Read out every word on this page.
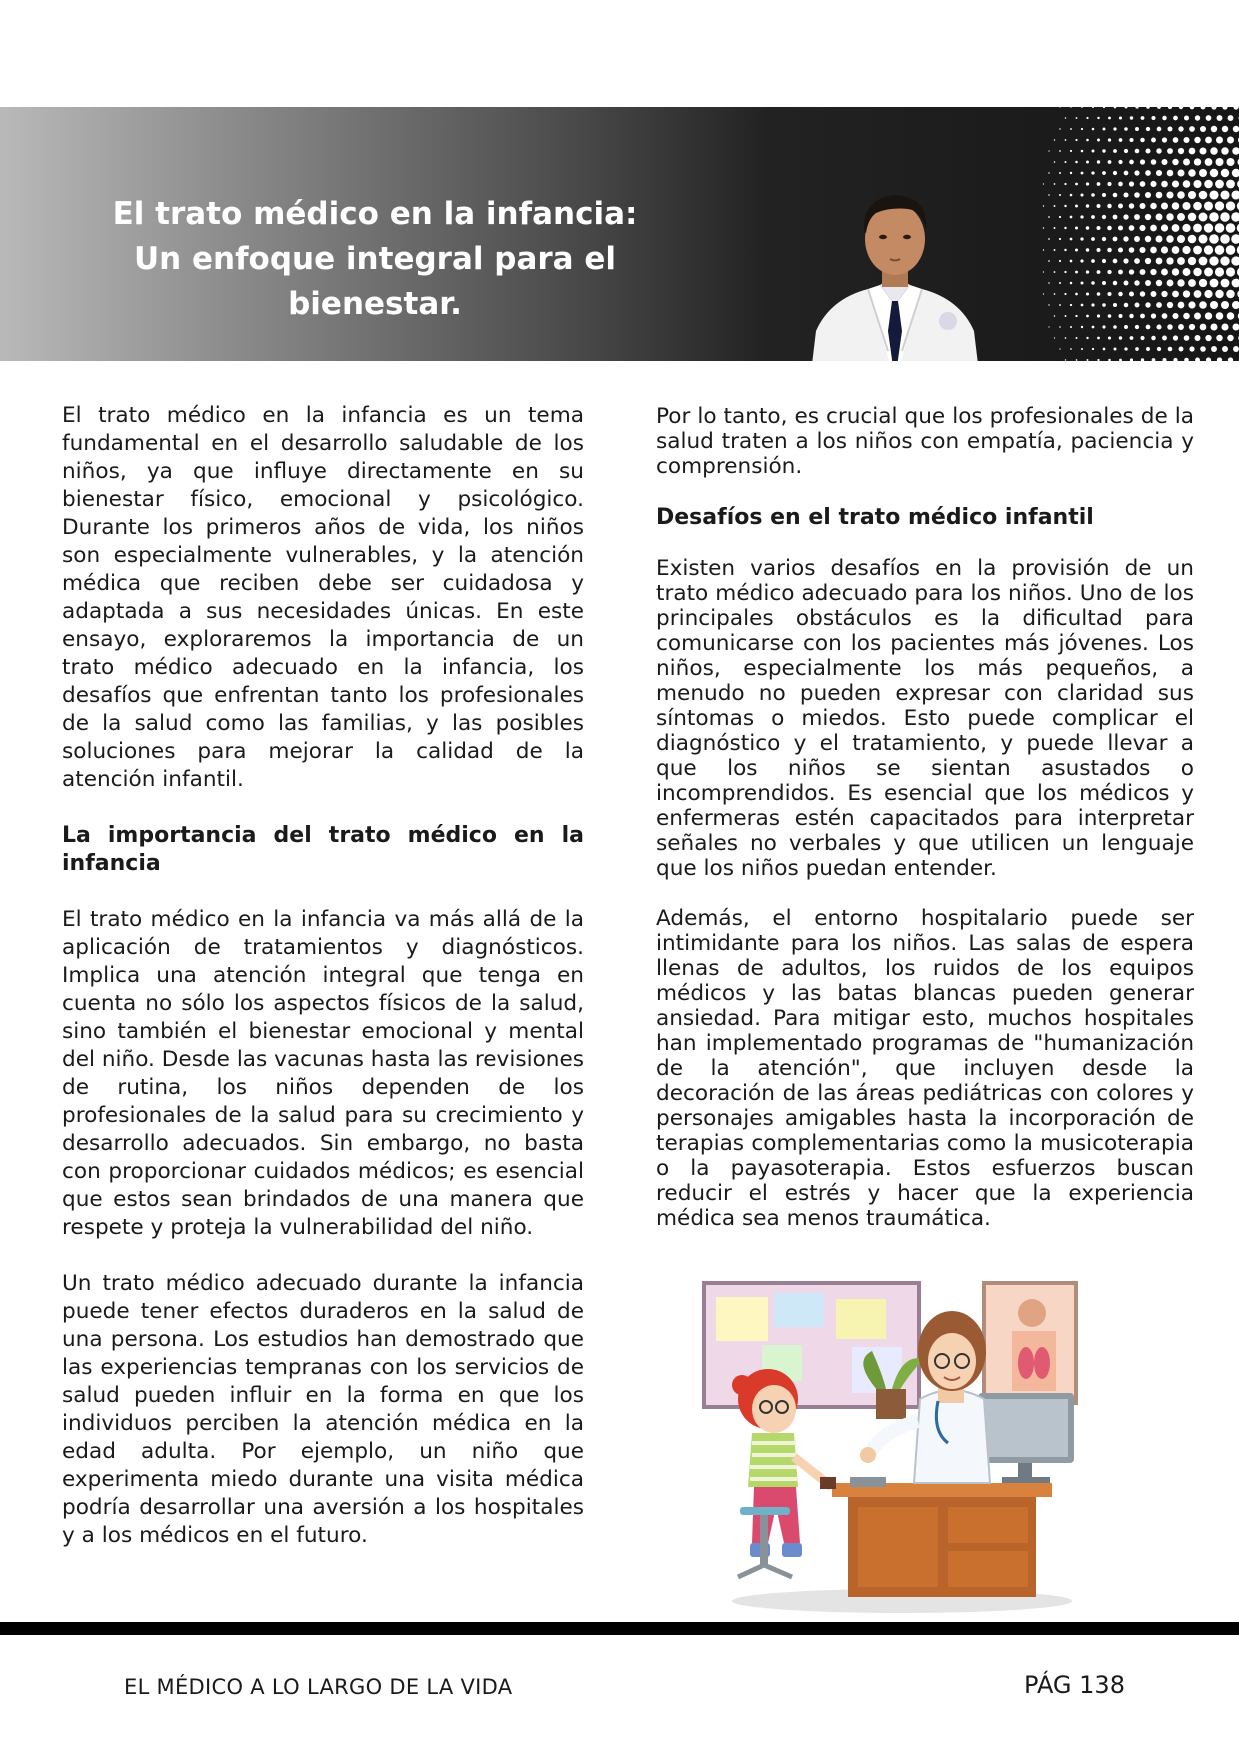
El trato médico en la infancia: Un enfoque integral para el bienestar.

El trato médico en la infancia es un tema fundamental en el desarrollo saludable de los niños, ya que influye directamente en su bienestar físico, emocional y psicológico. Durante los primeros años de vida, los niños son especialmente vulnerables, y la atención médica que reciben debe ser cuidadosa y adaptada a sus necesidades únicas. En este ensayo, exploraremos la importancia de un trato médico adecuado en la infancia, los desafíos que enfrentan tanto los profesionales de la salud como las familias, y las posibles soluciones para mejorar la calidad de la atención infantil.

La importancia del trato médico en la infancia

El trato médico en la infancia va más allá de la aplicación de tratamientos y diagnósticos. Implica una atención integral que tenga en cuenta no sólo los aspectos físicos de la salud, sino también el bienestar emocional y mental del niño. Desde las vacunas hasta las revisiones de rutina, los niños dependen de los profesionales de la salud para su crecimiento y desarrollo adecuados. Sin embargo, no basta con proporcionar cuidados médicos; es esencial que estos sean brindados de una manera que respete y proteja la vulnerabilidad del niño.

Un trato médico adecuado durante la infancia puede tener efectos duraderos en la salud de una persona. Los estudios han demostrado que las experiencias tempranas con los servicios de salud pueden influir en la forma en que los individuos perciben la atención médica en la edad adulta. Por ejemplo, un niño que experimenta miedo durante una visita médica podría desarrollar una aversión a los hospitales y a los médicos en el futuro.

Por lo tanto, es crucial que los profesionales de la salud traten a los niños con empatía, paciencia y comprensión.

Desafíos en el trato médico infantil

Existen varios desafíos en la provisión de un trato médico adecuado para los niños. Uno de los principales obstáculos es la dificultad para comunicarse con los pacientes más jóvenes. Los niños, especialmente los más pequeños, a menudo no pueden expresar con claridad sus síntomas o miedos. Esto puede complicar el diagnóstico y el tratamiento, y puede llevar a que los niños se sientan asustados o incomprendidos. Es esencial que los médicos y enfermeras estén capacitados para interpretar señales no verbales y que utilicen un lenguaje que los niños puedan entender.

Además, el entorno hospitalario puede ser intimidante para los niños. Las salas de espera llenas de adultos, los ruidos de los equipos médicos y las batas blancas pueden generar ansiedad. Para mitigar esto, muchos hospitales han implementado programas de "humanización de la atención", que incluyen desde la decoración de las áreas pediátricas con colores y personajes amigables hasta la incorporación de terapias complementarias como la musicoterapia o la payasoterapia. Estos esfuerzos buscan reducir el estrés y hacer que la experiencia médica sea menos traumática.

EL MÉDICO A LO LARGO DE LA VIDA	PÁG 138
